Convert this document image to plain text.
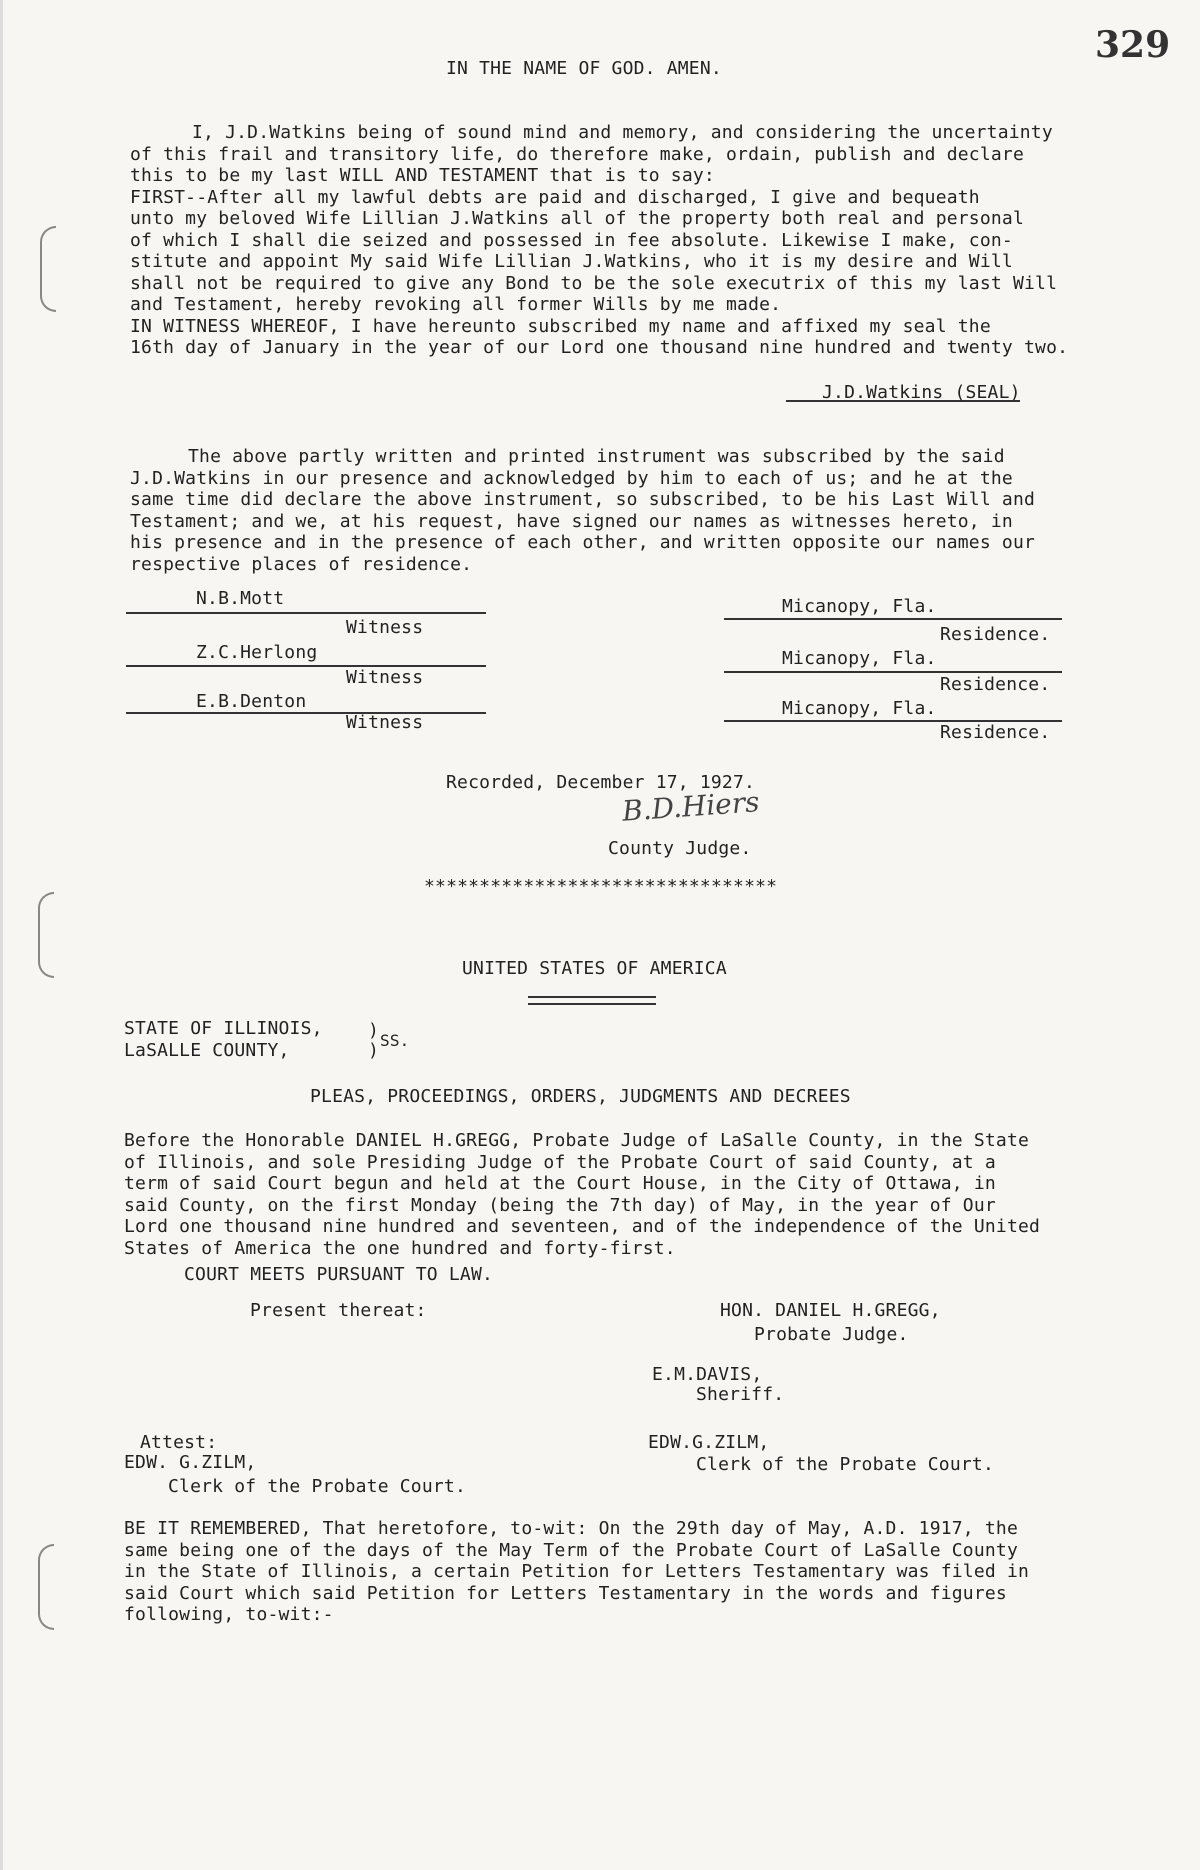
329
IN THE NAME OF GOD. AMEN.
I, J.D.Watkins being of sound mind and memory, and considering the uncertainty
of this frail and transitory life, do therefore make, ordain, publish and declare
this to be my last WILL AND TESTAMENT that is to say:
FIRST--After all my lawful debts are paid and discharged, I give and bequeath
unto my beloved Wife Lillian J.Watkins all of the property both real and personal
of which I shall die seized and possessed in fee absolute. Likewise I make, con-
stitute and appoint My said Wife Lillian J.Watkins, who it is my desire and Will
shall not be required to give any Bond to be the sole executrix of this my last Will
and Testament, hereby revoking all former Wills by me made.
IN WITNESS WHEREOF, I have hereunto subscribed my name and affixed my seal the
16th day of January in the year of our Lord one thousand nine hundred and twenty two.
J.D.Watkins (SEAL)
The above partly written and printed instrument was subscribed by the said
J.D.Watkins in our presence and acknowledged by him to each of us; and he at the
same time did declare the above instrument, so subscribed, to be his Last Will and
Testament; and we, at his request, have signed our names as witnesses hereto, in
his presence and in the presence of each other, and written opposite our names our
respective places of residence.
N.B.Mott
Witness
Micanopy, Fla.
Residence.
Z.C.Herlong
Witness
Micanopy, Fla.
Residence.
E.B.Denton
Witness
Micanopy, Fla.
Residence.
Recorded, December 17, 1927.
B.D.Hiers
County Judge.
********************************
UNITED STATES OF AMERICA
STATE OF ILLINOIS,
LaSALLE COUNTY,
)
) SS.
PLEAS, PROCEEDINGS, ORDERS, JUDGMENTS AND DECREES
Before the Honorable DANIEL H.GREGG, Probate Judge of LaSalle County, in the State
of Illinois, and sole Presiding Judge of the Probate Court of said County, at a
term of said Court begun and held at the Court House, in the City of Ottawa, in
said County, on the first Monday (being the 7th day) of May, in the year of Our
Lord one thousand nine hundred and seventeen, and of the independence of the United
States of America the one hundred and forty-first.
COURT MEETS PURSUANT TO LAW.
Present thereat:	HON. DANIEL H.GREGG,
Probate Judge.
E.M.DAVIS,
Sheriff.
Attest:
EDW. G.ZILM,
Clerk of the Probate Court.
EDW.G.ZILM,
Clerk of the Probate Court.
BE IT REMEMBERED, That heretofore, to-wit: On the 29th day of May, A.D. 1917, the
same being one of the days of the May Term of the Probate Court of LaSalle County
in the State of Illinois, a certain Petition for Letters Testamentary was filed in
said Court which said Petition for Letters Testamentary in the words and figures
following, to-wit:-
